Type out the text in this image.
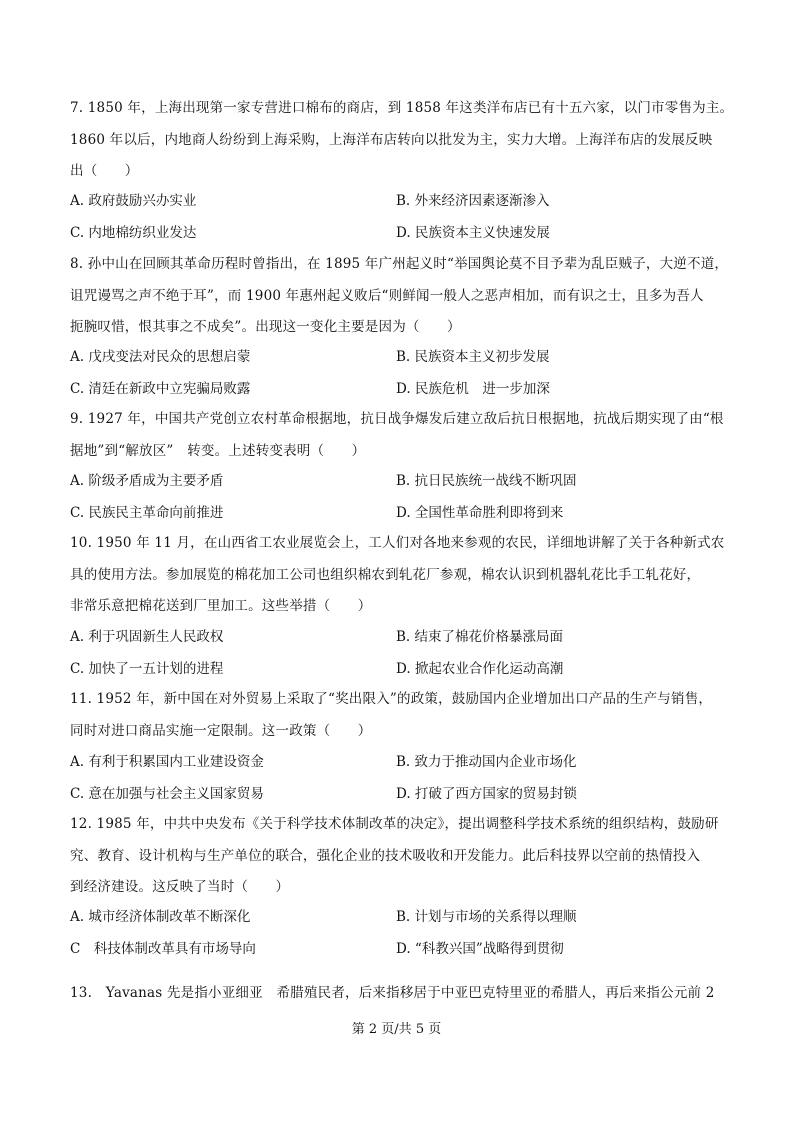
7. 1850 年，上海出现第一家专营进口棉布的商店，到 1858 年这类洋布店已有十五六家，以门市零售为主。

1860 年以后，内地商人纷纷到上海采购，上海洋布店转向以批发为主，实力大增。上海洋布店的发展反映

出（　　）

A. 政府鼓励兴办实业	B. 外来经济因素逐渐渗入
C. 内地棉纺织业发达	D. 民族资本主义快速发展

8. 孙中山在回顾其革命历程时曾指出，在 1895 年广州起义时“举国舆论莫不目予辈为乱臣贼子，大逆不道，

诅咒谩骂之声不绝于耳”，而 1900 年惠州起义败后“则鲜闻一般人之恶声相加，而有识之士，且多为吾人

扼腕叹惜，恨其事之不成矣”。出现这一变化主要是因为（　　）

A. 戊戌变法对民众的思想启蒙	B. 民族资本主义初步发展
C. 清廷在新政中立宪骗局败露	D. 民族危机　进一步加深

9. 1927 年，中国共产党创立农村革命根据地，抗日战争爆发后建立敌后抗日根据地，抗战后期实现了由“根

据地”到“解放区”　转变。上述转变表明（　　）

A. 阶级矛盾成为主要矛盾	B. 抗日民族统一战线不断巩固
C. 民族民主革命向前推进	D. 全国性革命胜利即将到来

10. 1950 年 11 月，在山西省工农业展览会上，工人们对各地来参观的农民，详细地讲解了关于各种新式农

具的使用方法。参加展览的棉花加工公司也组织棉农到轧花厂参观，棉农认识到机器轧花比手工轧花好，

非常乐意把棉花送到厂里加工。这些举措（　　）

A. 利于巩固新生人民政权	B. 结束了棉花价格暴涨局面
C. 加快了一五计划的进程	D. 掀起农业合作化运动高潮

11. 1952 年，新中国在对外贸易上采取了“奖出限入”的政策，鼓励国内企业增加出口产品的生产与销售，

同时对进口商品实施一定限制。这一政策（　　）

A. 有利于积累国内工业建设资金	B. 致力于推动国内企业市场化
C. 意在加强与社会主义国家贸易	D. 打破了西方国家的贸易封锁

12. 1985 年，中共中央发布《关于科学技术体制改革的决定》，提出调整科学技术系统的组织结构，鼓励研

究、教育、设计机构与生产单位的联合，强化企业的技术吸收和开发能力。此后科技界以空前的热情投入

到经济建设。这反映了当时（　　）

A. 城市经济体制改革不断深化	B. 计划与市场的关系得以理顺
C　科技体制改革具有市场导向	D. “科教兴国”战略得到贯彻

13.　Yavanas 先是指小亚细亚　希腊殖民者，后来指移居于中亚巴克特里亚的希腊人，再后来指公元前 2

第 2 页/共 5 页
